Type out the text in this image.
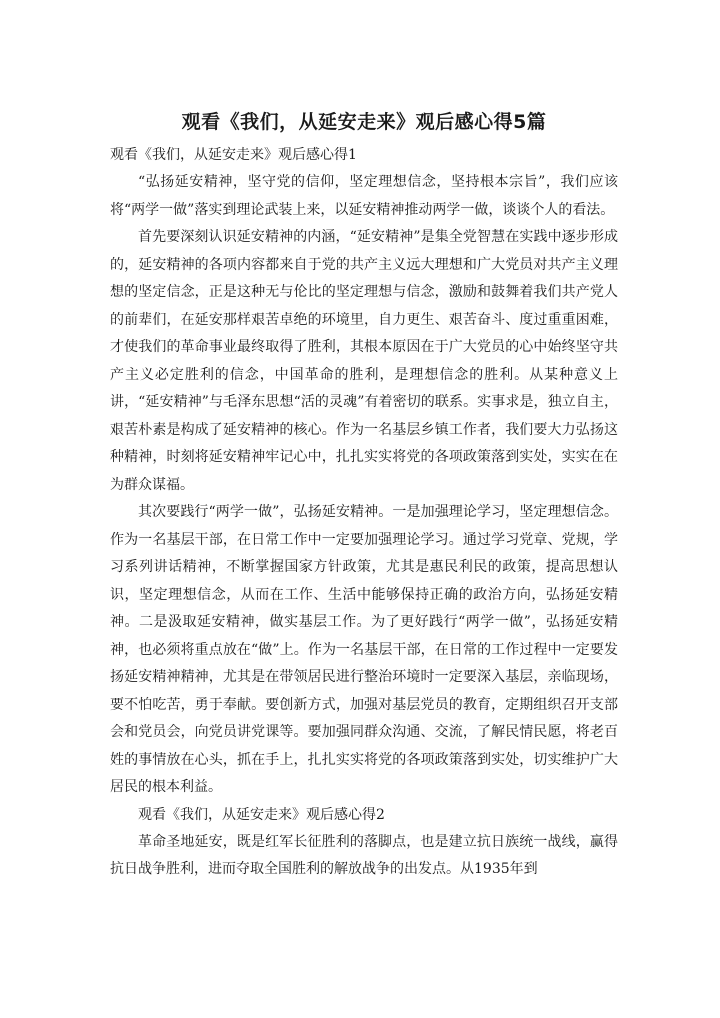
观看《我们，从延安走来》观后感心得5篇

观看《我们，从延安走来》观后感心得1

“弘扬延安精神，坚守党的信仰，坚定理想信念，坚持根本宗旨”，我们应该将“两学一做”落实到理论武装上来，以延安精神推动两学一做，谈谈个人的看法。

首先要深刻认识延安精神的内涵，“延安精神”是集全党智慧在实践中逐步形成的，延安精神的各项内容都来自于党的共产主义远大理想和广大党员对共产主义理想的坚定信念，正是这种无与伦比的坚定理想与信念，激励和鼓舞着我们共产党人的前辈们，在延安那样艰苦卓绝的环境里，自力更生、艰苦奋斗、度过重重困难，才使我们的革命事业最终取得了胜利，其根本原因在于广大党员的心中始终坚守共产主义必定胜利的信念，中国革命的胜利，是理想信念的胜利。从某种意义上讲，“延安精神”与毛泽东思想“活的灵魂”有着密切的联系。实事求是，独立自主，艰苦朴素是构成了延安精神的核心。作为一名基层乡镇工作者，我们要大力弘扬这种精神，时刻将延安精神牢记心中，扎扎实实将党的各项政策落到实处，实实在在为群众谋福。

其次要践行“两学一做”，弘扬延安精神。一是加强理论学习，坚定理想信念。作为一名基层干部，在日常工作中一定要加强理论学习。通过学习党章、党规，学习系列讲话精神，不断掌握国家方针政策，尤其是惠民利民的政策，提高思想认识，坚定理想信念，从而在工作、生活中能够保持正确的政治方向，弘扬延安精神。二是汲取延安精神，做实基层工作。为了更好践行“两学一做”，弘扬延安精神，也必须将重点放在“做”上。作为一名基层干部，在日常的工作过程中一定要发扬延安精神精神，尤其是在带领居民进行整治环境时一定要深入基层，亲临现场，要不怕吃苦，勇于奉献。要创新方式，加强对基层党员的教育，定期组织召开支部会和党员会，向党员讲党课等。要加强同群众沟通、交流，了解民情民愿，将老百姓的事情放在心头，抓在手上，扎扎实实将党的各项政策落到实处，切实维护广大居民的根本利益。

观看《我们，从延安走来》观后感心得2

革命圣地延安，既是红军长征胜利的落脚点，也是建立抗日族统一战线，赢得抗日战争胜利，进而夺取全国胜利的解放战争的出发点。从1935年到
